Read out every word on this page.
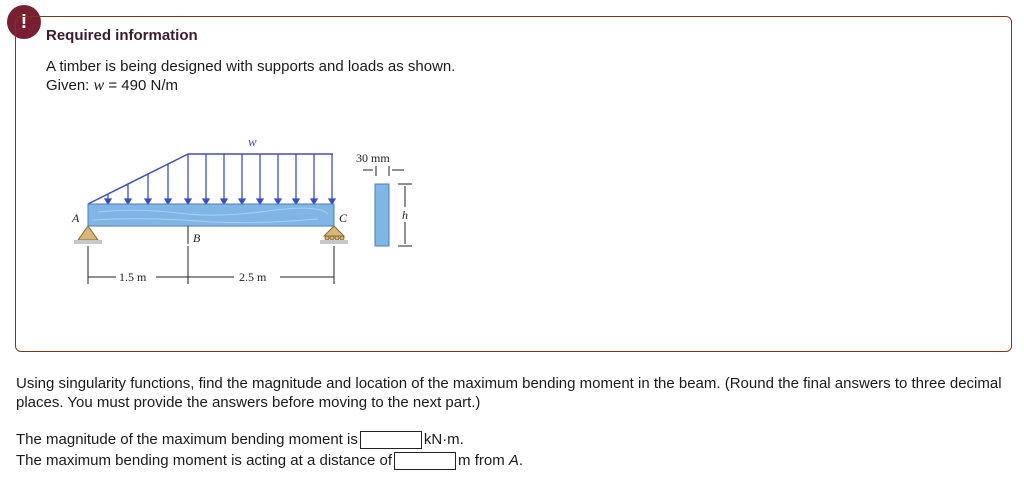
!
Required information
A timber is being designed with supports and loads as shown.
Given: w = 490 N/m
w
A	C
B
1.5 m	2.5 m
30 mm
h
Using singularity functions, find the magnitude and location of the maximum bending moment in the beam. (Round the final answers to three decimal places. You must provide the answers before moving to the next part.)
The magnitude of the maximum bending moment is	kN·m.
The maximum bending moment is acting at a distance of	m from
A .
